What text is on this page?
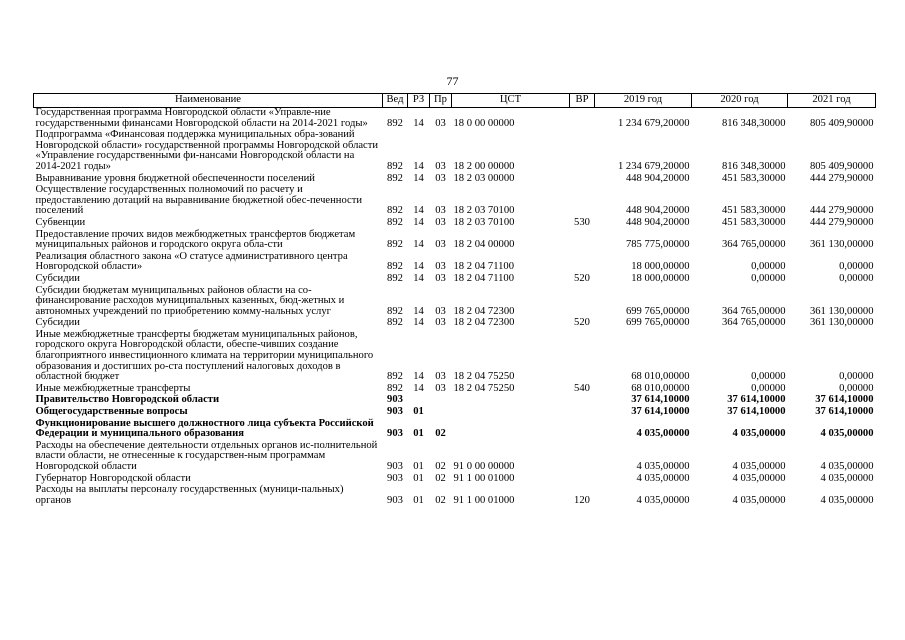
77
Наименование	Вед	РЗ	Пр	ЦСТ	ВР	2019 год	2020 год	2021 год
Государственная программа Новгородской области «Управле-ние государственными финансами Новгородской области на 2014-2021 годы»	892	14	03	18 0 00 00000		1 234 679,20000	816 348,30000	805 409,90000
Подпрограмма «Финансовая поддержка муниципальных обра-зований Новгородской области» государственной программы Новгородской области «Управление государственными фи-нансами Новгородской области на 2014-2021 годы»	892	14	03	18 2 00 00000		1 234 679,20000	816 348,30000	805 409,90000
Выравнивание уровня бюджетной обеспеченности поселений	892	14	03	18 2 03 00000		448 904,20000	451 583,30000	444 279,90000
Осуществление государственных полномочий по расчету и предоставлению дотаций на выравнивание бюджетной обес-печенности поселений	892	14	03	18 2 03 70100		448 904,20000	451 583,30000	444 279,90000
Субвенции	892	14	03	18 2 03 70100	530	448 904,20000	451 583,30000	444 279,90000
Предоставление прочих видов межбюджетных трансфертов бюджетам муниципальных районов и городского округа обла-сти	892	14	03	18 2 04 00000		785 775,00000	364 765,00000	361 130,00000
Реализация областного закона «О статусе административного центра Новгородской области»	892	14	03	18 2 04 71100		18 000,00000	0,00000	0,00000
Субсидии	892	14	03	18 2 04 71100	520	18 000,00000	0,00000	0,00000
Субсидии бюджетам муниципальных районов области на со-финансирование расходов муниципальных казенных, бюд-жетных и автономных учреждений по приобретению комму-нальных услуг	892	14	03	18 2 04 72300		699 765,00000	364 765,00000	361 130,00000
Субсидии	892	14	03	18 2 04 72300	520	699 765,00000	364 765,00000	361 130,00000
Иные межбюджетные трансферты бюджетам муниципальных районов, городского округа Новгородской области, обеспе-чивших создание благоприятного инвестиционного климата на территории муниципального образования и достигших ро-ста поступлений налоговых доходов в областной бюджет	892	14	03	18 2 04 75250		68 010,00000	0,00000	0,00000
Иные межбюджетные трансферты	892	14	03	18 2 04 75250	540	68 010,00000	0,00000	0,00000
Правительство Новгородской области	903					37 614,10000	37 614,10000	37 614,10000
Общегосударственные вопросы	903	01				37 614,10000	37 614,10000	37 614,10000
Функционирование высшего должностного лица субъекта Российской Федерации и муниципального образования	903	01	02			4 035,00000	4 035,00000	4 035,00000
Расходы на обеспечение деятельности отдельных органов ис-полнительной власти области, не отнесенные к государствен-ным программам Новгородской области	903	01	02	91 0 00 00000		4 035,00000	4 035,00000	4 035,00000
Губернатор Новгородской области	903	01	02	91 1 00 01000		4 035,00000	4 035,00000	4 035,00000
Расходы на выплаты персоналу государственных (муници-пальных) органов	903	01	02	91 1 00 01000	120	4 035,00000	4 035,00000	4 035,00000
